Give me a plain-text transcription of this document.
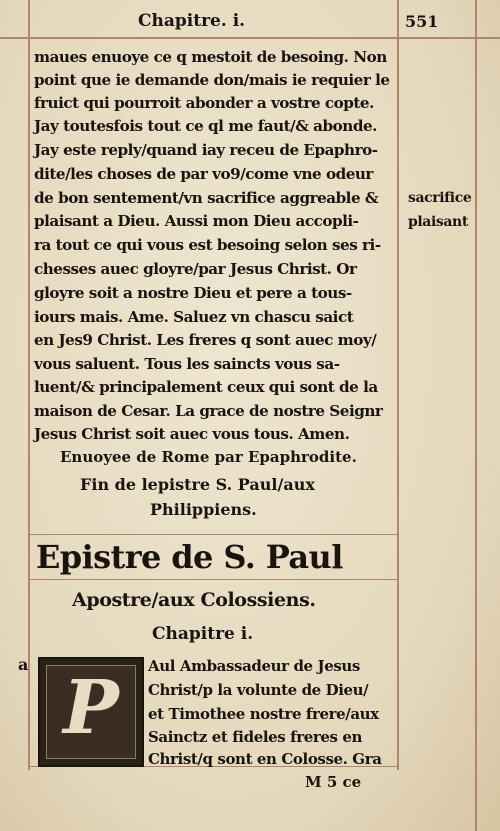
Chapitre. i.	551
maues enuoye ce q mestoit de besoing. Non
point que ie demande don/mais ie requier le
fruict qui pourroit abonder a vostre copte.
Jay toutesfois tout ce ql me faut/& abonde.
Jay este reply/quand iay receu de Epaphro-
dite/les choses de par vo9/come vne odeur
de bon sentement/vn sacrifice aggreable &
plaisant a Dieu. Aussi mon Dieu accopli-
ra tout ce qui vous est besoing selon ses ri-
chesses auec gloyre/par Jesus Christ. Or
gloyre soit a nostre Dieu et pere a tous-
iours mais. Ame. Saluez vn chascu saict
en Jes9 Christ. Les freres q sont auec moy/
vous saluent. Tous les saincts vous sa-
luent/& principalement ceux qui sont de la
maison de Cesar. La grace de nostre Seignr
Jesus Christ soit auec vous tous. Amen.
Enuoyee de Rome par Epaphrodite.
Fin de lepistre S. Paul/aux
Philippiens.
sacrifice
plaisant
Epistre de S. Paul
Apostre/aux Colossiens.
Chapitre i.
P	Aul Ambassadeur de Jesus
Christ/p la volunte de Dieu/
et Timothee nostre frere/aux
Sainctz et fideles freres en
Christ/q sont en Colosse. Gra
a
M 5 ce
